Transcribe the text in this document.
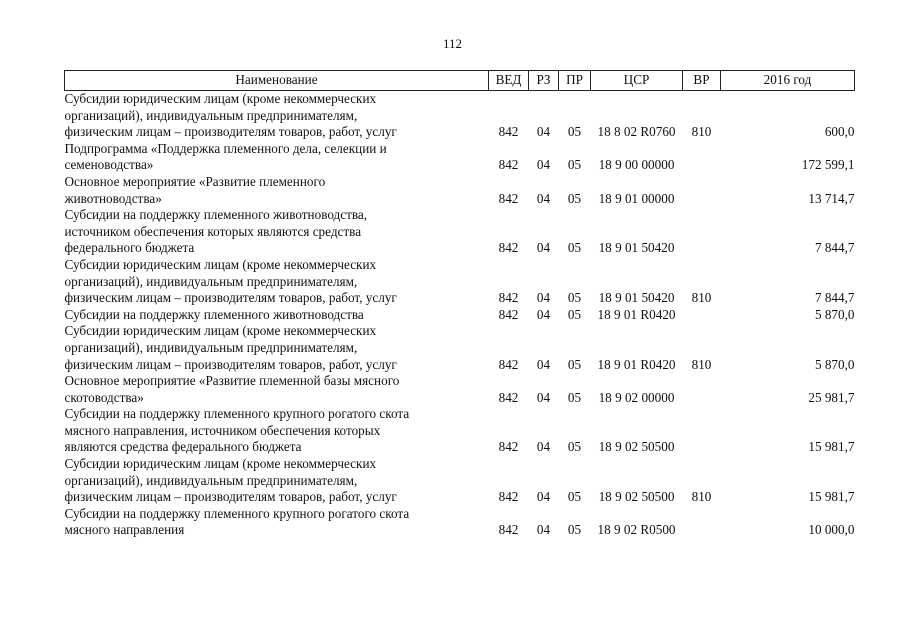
112
Наименование	ВЕД	РЗ	ПР	ЦСР	ВР	2016 год

Субсидии юридическим лицам (кроме некоммерческих
организаций), индивидуальным предпринимателям,
физическим лицам – производителям товаров, работ, услуг	842	04	05	18 8 02 R0760	810	600,0

Подпрограмма «Поддержка племенного дела, селекции и
семеноводства»	842	04	05	18 9 00 00000		172 599,1

Основное мероприятие «Развитие племенного
животноводства»	842	04	05	18 9 01 00000		13 714,7

Субсидии на поддержку племенного животноводства,
источником обеспечения которых являются средства
федерального бюджета	842	04	05	18 9 01 50420		7 844,7

Субсидии юридическим лицам (кроме некоммерческих
организаций), индивидуальным предпринимателям,
физическим лицам – производителям товаров, работ, услуг	842	04	05	18 9 01 50420	810	7 844,7

Субсидии на поддержку племенного животноводства	842	04	05	18 9 01 R0420		5 870,0

Субсидии юридическим лицам (кроме некоммерческих
организаций), индивидуальным предпринимателям,
физическим лицам – производителям товаров, работ, услуг	842	04	05	18 9 01 R0420	810	5 870,0

Основное мероприятие «Развитие племенной базы мясного
скотоводства»	842	04	05	18 9 02 00000		25 981,7

Субсидии на поддержку племенного крупного рогатого скота
мясного направления, источником обеспечения которых
являются средства федерального бюджета	842	04	05	18 9 02 50500		15 981,7

Субсидии юридическим лицам (кроме некоммерческих
организаций), индивидуальным предпринимателям,
физическим лицам – производителям товаров, работ, услуг	842	04	05	18 9 02 50500	810	15 981,7

Субсидии на поддержку племенного крупного рогатого скота
мясного направления	842	04	05	18 9 02 R0500		10 000,0
